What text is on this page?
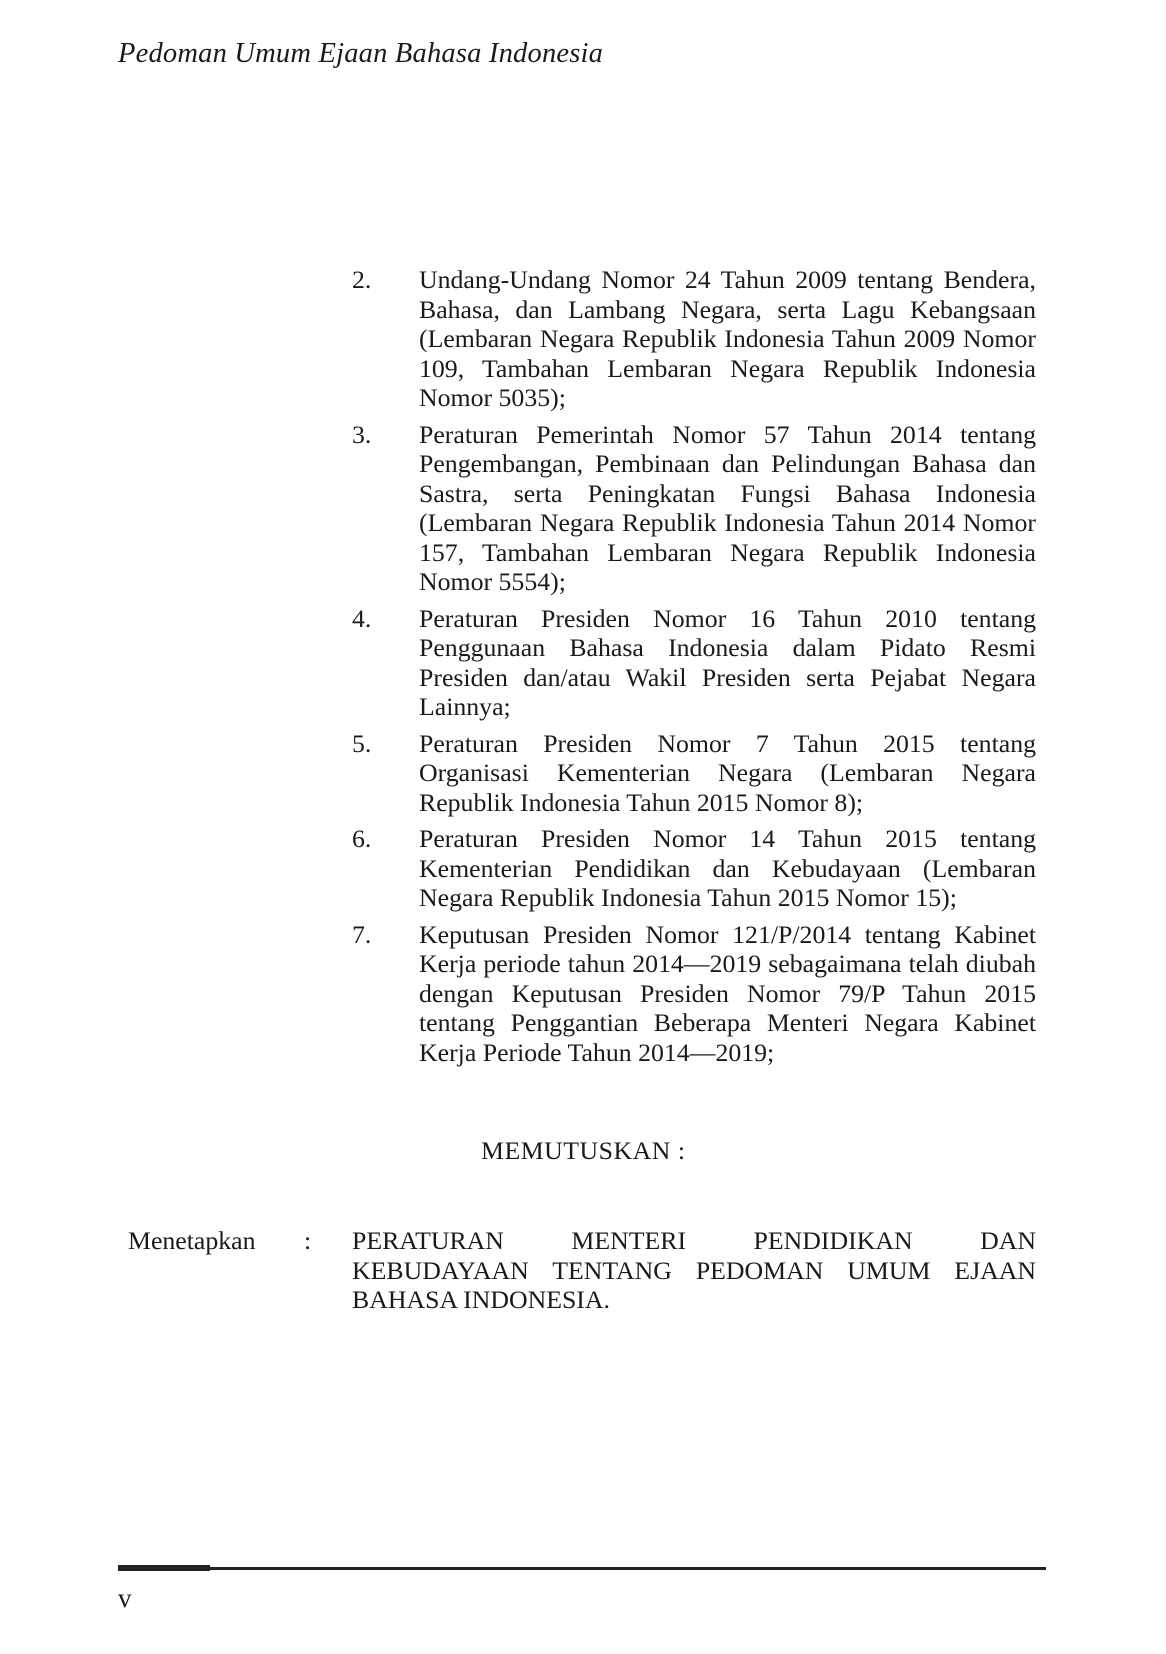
Pedoman Umum Ejaan Bahasa Indonesia
2.	Undang-Undang Nomor 24 Tahun 2009 tentang Bendera, Bahasa, dan Lambang Negara, serta Lagu Kebangsaan (Lembaran Negara Republik Indonesia Tahun 2009 Nomor 109, Tambahan Lembaran Negara Republik Indonesia Nomor 5035);
3.	Peraturan Pemerintah Nomor 57 Tahun 2014 tentang Pengembangan, Pembinaan dan Pelindungan Bahasa dan Sastra, serta Peningkatan Fungsi Bahasa Indonesia (Lembaran Negara Republik Indonesia Tahun 2014 Nomor 157, Tambahan Lembaran Negara Republik Indonesia Nomor 5554);
4.	Peraturan Presiden Nomor 16 Tahun 2010 tentang Penggunaan Bahasa Indonesia dalam Pidato Resmi Presiden dan/atau Wakil Presiden serta Pejabat Negara Lainnya;
5.	Peraturan Presiden Nomor 7 Tahun 2015 tentang Organisasi Kementerian Negara (Lembaran Negara Republik Indonesia Tahun 2015 Nomor 8);
6.	Peraturan Presiden Nomor 14 Tahun 2015 tentang Kementerian Pendidikan dan Kebudayaan (Lembaran Negara Republik Indonesia Tahun 2015 Nomor 15);
7.	Keputusan Presiden Nomor 121/P/2014 tentang Kabinet Kerja periode tahun 2014—2019 sebagaimana telah diubah dengan Keputusan Presiden Nomor 79/P Tahun 2015 tentang Penggantian Beberapa Menteri Negara Kabinet Kerja Periode Tahun 2014—2019;
MEMUTUSKAN :
Menetapkan : PERATURAN MENTERI PENDIDIKAN DAN KEBUDAYAAN TENTANG PEDOMAN UMUM EJAAN BAHASA INDONESIA.
v
